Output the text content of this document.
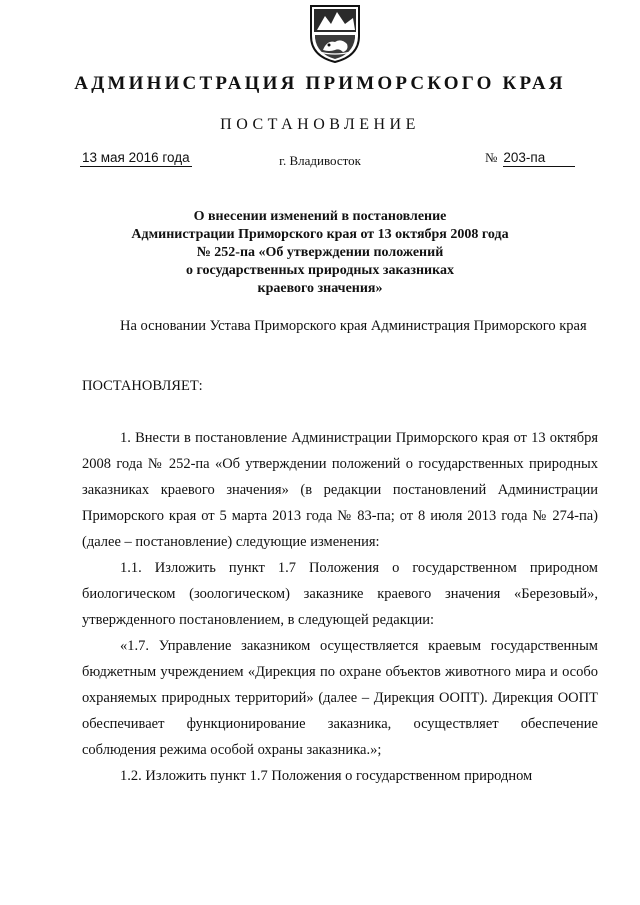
АДМИНИСТРАЦИЯ ПРИМОРСКОГО КРАЯ
ПОСТАНОВЛЕНИЕ
13 мая 2016 года	г. Владивосток	№ 203-па
О внесении изменений в постановление
Администрации Приморского края от 13 октября 2008 года
№ 252-па «Об утверждении положений
о государственных природных заказниках
краевого значения»

На основании Устава Приморского края Администрация Приморского края

ПОСТАНОВЛЯЕТ:

1. Внести в постановление Администрации Приморского края от 13 октября 2008 года № 252-па «Об утверждении положений о государственных природных заказниках краевого значения» (в редакции постановлений Администрации Приморского края от 5 марта 2013 года № 83-па; от 8 июля 2013 года № 274-па) (далее – постановление) следующие изменения:

1.1. Изложить пункт 1.7 Положения о государственном природном биологическом (зоологическом) заказнике краевого значения «Березовый», утвержденного постановлением, в следующей редакции:

«1.7. Управление заказником осуществляется краевым государственным бюджетным учреждением «Дирекция по охране объектов животного мира и особо охраняемых природных территорий» (далее – Дирекция ООПТ). Дирекция ООПТ обеспечивает функционирование заказника, осуществляет обеспечение соблюдения режима особой охраны заказника.»;

1.2. Изложить пункт 1.7 Положения о государственном природном
